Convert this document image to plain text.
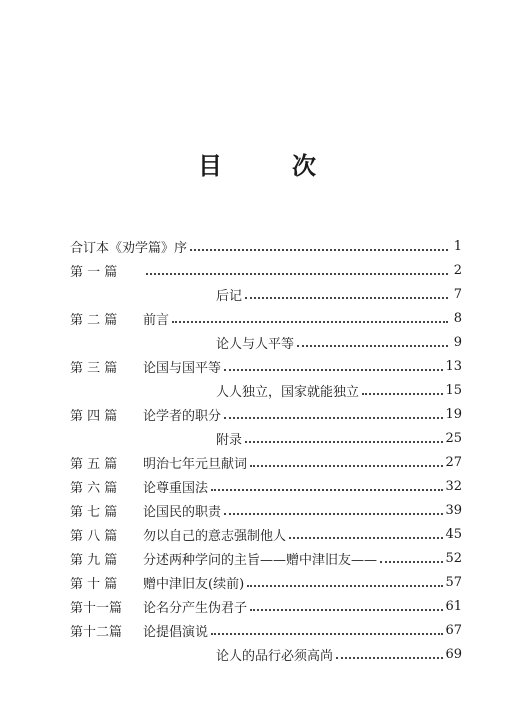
目	次
合订本《劝学篇》序	1
第 一 篇	2
后记	7
第 二 篇	前言	8
论人与人平等	9
第 三 篇	论国与国平等	13
人人独立，国家就能独立	15
第 四 篇	论学者的职分	19
附录	25
第 五 篇	明治七年元旦献词	27
第 六 篇	论尊重国法	32
第 七 篇	论国民的职责	39
第 八 篇	勿以自己的意志强制他人	45
第 九 篇	分述两种学问的主旨——赠中津旧友——	52
第 十 篇	赠中津旧友(续前)	57
第十一篇	论名分产生伪君子	61
第十二篇	论提倡演说	67
论人的品行必须高尚	69
